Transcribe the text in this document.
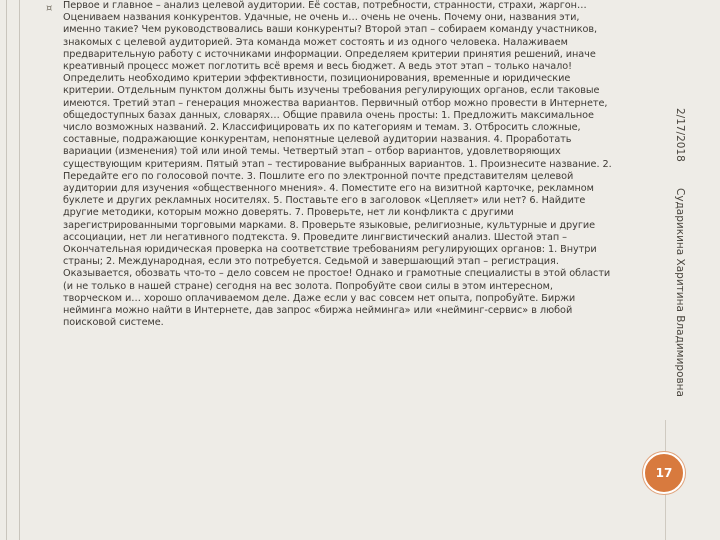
¤ Первое и главное – анализ целевой аудитории. Её состав, потребности, странности, страхи, жаргон… Оцениваем названия конкурентов. Удачные, не очень и… очень не очень. Почему они, названия эти, именно такие? Чем руководствовались ваши конкуренты? Второй этап – собираем команду участников, знакомых с целевой аудиторией. Эта команда может состоять и из одного человека. Налаживаем предварительную работу с источниками информации. Определяем критерии принятия решений, иначе креативный процесс может поглотить всё время и весь бюджет. А ведь этот этап – только начало! Определить необходимо критерии эффективности, позиционирования, временные и юридические критерии. Отдельным пунктом должны быть изучены требования регулирующих органов, если таковые имеются. Третий этап – генерация множества вариантов. Первичный отбор можно провести в Интернете, общедоступных базах данных, словарях… Общие правила очень просты: 1. Предложить максимальное число возможных названий. 2. Классифицировать их по категориям и темам. 3. Отбросить сложные, составные, подражающие конкурентам, непонятные целевой аудитории названия. 4. Проработать вариации (изменения) той или иной темы. Четвертый этап – отбор вариантов, удовлетворяющих существующим критериям. Пятый этап – тестирование выбранных вариантов. 1. Произнесите название. 2. Передайте его по голосовой почте. 3. Пошлите его по электронной почте представителям целевой аудитории для изучения «общественного мнения». 4. Поместите его на визитной карточке, рекламном буклете и других рекламных носителях. 5. Поставьте его в заголовок «Цепляет» или нет? 6. Найдите другие методики, которым можно доверять. 7. Проверьте, нет ли конфликта с другими зарегистрированными торговыми марками. 8. Проверьте языковые, религиозные, культурные и другие ассоциации, нет ли негативного подтекста. 9. Проведите лингвистический анализ. Шестой этап – Окончательная юридическая проверка на соответствие требованиям регулирующих органов: 1. Внутри страны; 2. Международная, если это потребуется. Седьмой и завершающий этап – регистрация. Оказывается, обозвать что-то – дело совсем не простое! Однако и грамотные специалисты в этой области (и не только в нашей стране) сегодня на вес золота. Попробуйте свои силы в этом интересном, творческом и… хорошо оплачиваемом деле. Даже если у вас совсем нет опыта, попробуйте. Биржи нейминга можно найти в Интернете, дав запрос «биржа нейминга» или «нейминг-сервис» в любой поисковой системе.

2/17/2018
Сударикина Харитина Владимировна
17
